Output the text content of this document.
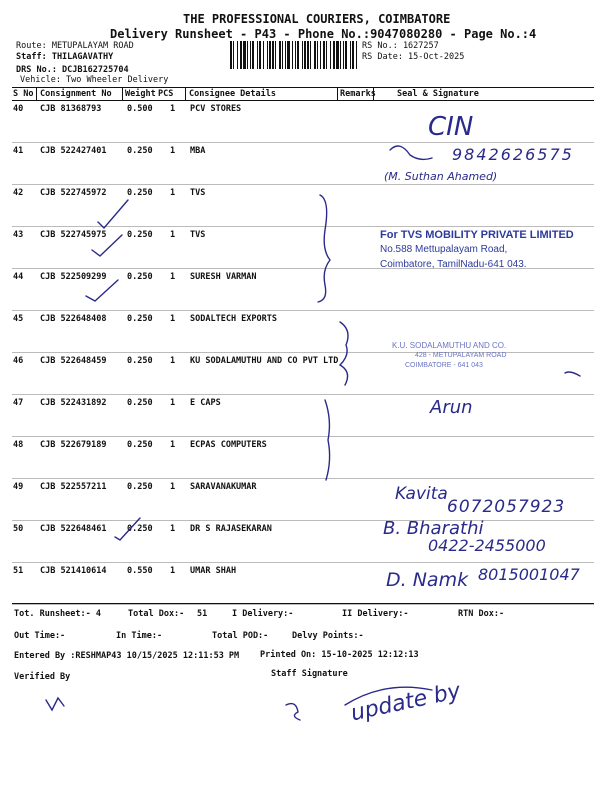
THE PROFESSIONAL COURIERS, COIMBATORE
Delivery Runsheet - P43 - Phone No.:9047080280 - Page No.:4
Route: METUPALAYAM ROAD
Staff: THILAGAVATHY
DRS No.: DCJB162725704
Vehicle: Two Wheeler Delivery
RS No.: 1627257
RS Date: 15-Oct-2025
S No Consignment No Weight PCS Consignee Details	Remarks Seal & Signature
40 CJB 81368793	0.500 1 PCV STORES
41 CJB 522427401 0.250 1 MBA
42 CJB 522745972 0.250 1 TVS
43 CJB 522745975 0.250 1 TVS
44 CJB 522509299 0.250 1 SURESH VARMAN
45 CJB 522648408 0.250 1 SODALTECH EXPORTS
46 CJB 522648459 0.250 1 KU SODALAMUTHU AND CO PVT LTD
47 CJB 522431892 0.250 1 E CAPS
48 CJB 522679189 0.250 1 ECPAS COMPUTERS
49 CJB 522557211 0.250 1 SARAVANAKUMAR
50 CJB 522648461 0.250 1 DR S RAJASEKARAN
51 CJB 521410614 0.550 1 UMAR SHAH
CIN
9842626575
(M. Suthan Ahamed)
Arun
Kavita
6072057923
B. Bharathi
0422-2455000
D. Namk 8015001047
For TVS MOBILITY PRIVATE LIMITED
No.588 Mettupalayam Road,
Coimbatore, TamilNadu-641 043.
K.U. SODALAMUTHU AND CO.
428 - METUPALAYAM ROAD
COIMBATORE - 641 043
update by
Tot. Runsheet:- 4	Total Dox:- 51	I Delivery:-	II Delivery:-	RTN Dox:-
Out Time:-	In Time:-	Total POD:-	Delvy Points:-
Entered By :RESHMAP43 10/15/2025 12:11:53 PM Printed On: 15-10-2025 12:12:13
Verified By	Staff Signature
